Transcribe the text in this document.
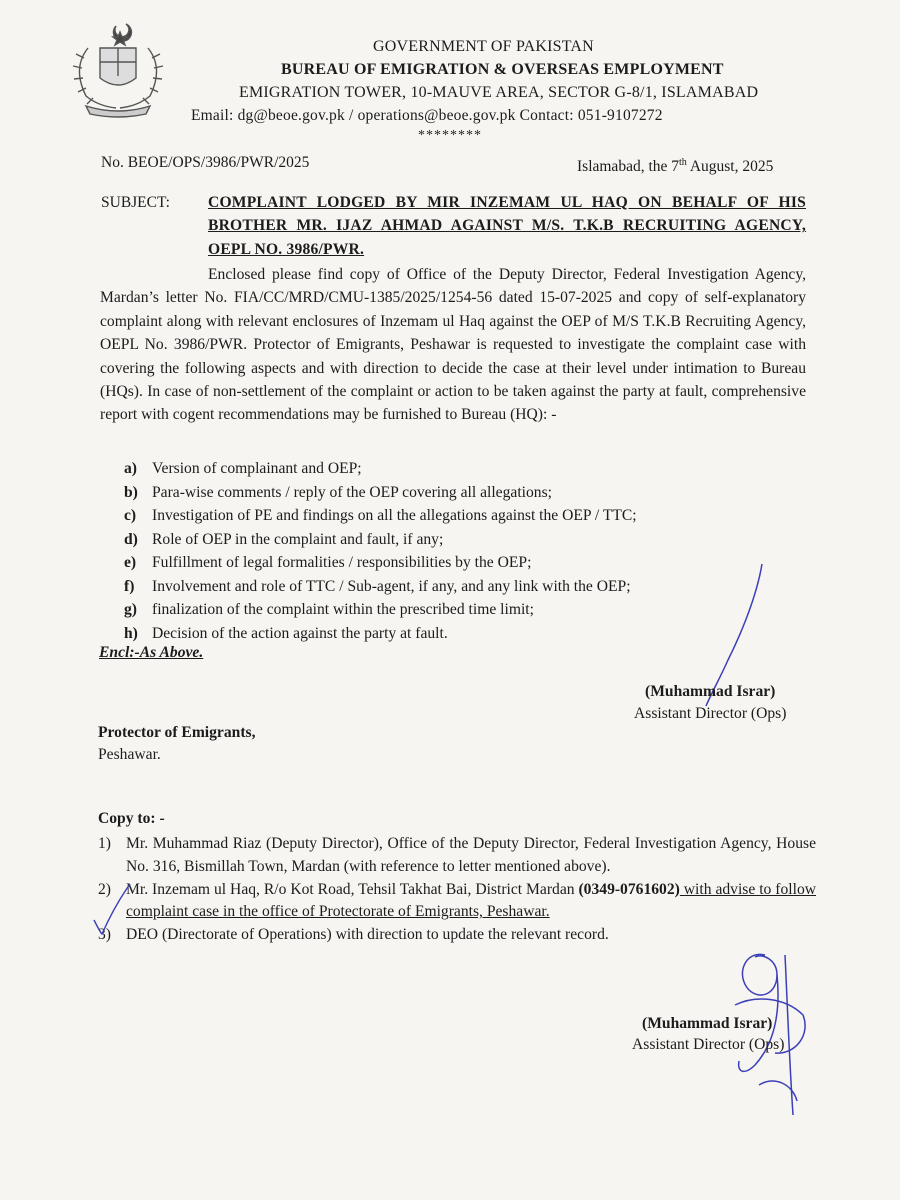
GOVERNMENT OF PAKISTAN
BUREAU OF EMIGRATION & OVERSEAS EMPLOYMENT
EMIGRATION TOWER, 10-MAUVE AREA, SECTOR G-8/1, ISLAMABAD
Email: dg@beoe.gov.pk / operations@beoe.gov.pk Contact: 051-9107272
********
No. BEOE/OPS/3986/PWR/2025	Islamabad, the 7th August, 2025
SUBJECT: COMPLAINT LODGED BY MIR INZEMAM UL HAQ ON BEHALF OF HIS BROTHER MR. IJAZ AHMAD AGAINST M/S. T.K.B RECRUITING AGENCY, OEPL NO. 3986/PWR.
Enclosed please find copy of Office of the Deputy Director, Federal Investigation Agency, Mardan’s letter No. FIA/CC/MRD/CMU-1385/2025/1254-56 dated 15-07-2025 and copy of self-explanatory complaint along with relevant enclosures of Inzemam ul Haq against the OEP of M/S T.K.B Recruiting Agency, OEPL No. 3986/PWR. Protector of Emigrants, Peshawar is requested to investigate the complaint case with covering the following aspects and with direction to decide the case at their level under intimation to Bureau (HQs). In case of non-settlement of the complaint or action to be taken against the party at fault, comprehensive report with cogent recommendations may be furnished to Bureau (HQ): -
a) Version of complainant and OEP;
b) Para-wise comments / reply of the OEP covering all allegations;
c)	Investigation of PE and findings on all the allegations against the OEP / TTC;
d) Role of OEP in the complaint and fault, if any;
e)	Fulfillment of legal formalities / responsibilities by the OEP;
f)	Involvement and role of TTC / Sub-agent, if any, and any link with the OEP;
g) finalization of the complaint within the prescribed time limit;
h) Decision of the action against the party at fault.
Encl:-As Above.
(Muhammad Israr)
Assistant Director (Ops)
Protector of Emigrants,
Peshawar.
Copy to: -
1) Mr. Muhammad Riaz (Deputy Director), Office of the Deputy Director, Federal Investigation Agency, House No. 316, Bismillah Town, Mardan (with reference to letter mentioned above).
2) Mr. Inzemam ul Haq, R/o Kot Road, Tehsil Takhat Bai, District Mardan (0349-0761602) with advise to follow complaint case in the office of Protectorate of Emigrants, Peshawar.
3) DEO (Directorate of Operations) with direction to update the relevant record.
(Muhammad Israr)
Assistant Director (Ops)
